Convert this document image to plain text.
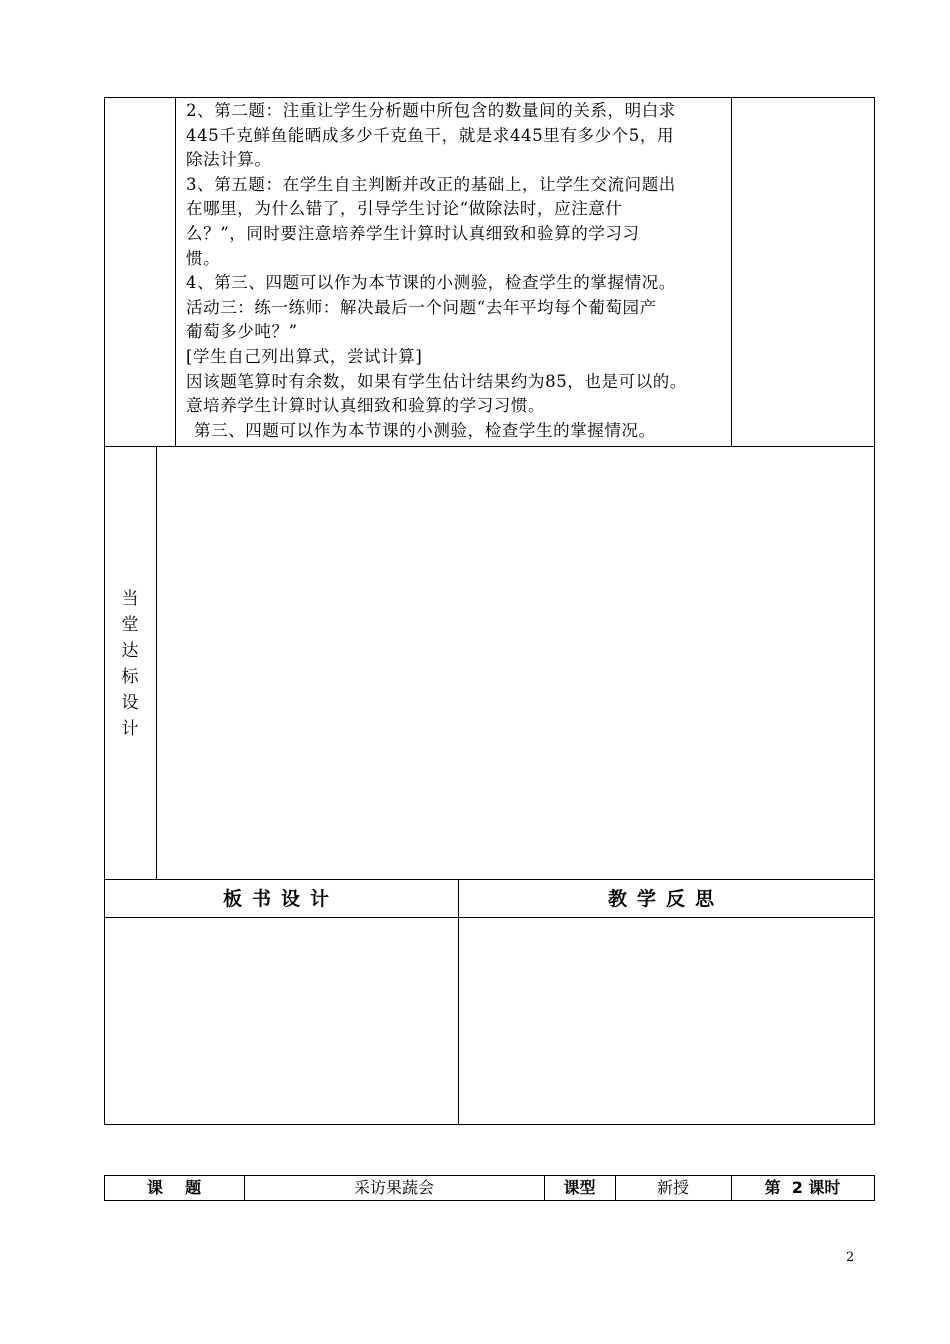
2、第二题：注重让学生分析题中所包含的数量间的关系，明白求
445千克鲜鱼能晒成多少千克鱼干，就是求445里有多少个5，用
除法计算。
3、第五题：在学生自主判断并改正的基础上，让学生交流问题出
在哪里，为什么错了，引导学生讨论“做除法时，应注意什
么？”，同时要注意培养学生计算时认真细致和验算的学习习
惯。
4、第三、四题可以作为本节课的小测验，检查学生的掌握情况。
活动三：练一练师：解决最后一个问题“去年平均每个葡萄园产
葡萄多少吨？”
[学生自己列出算式，尝试计算]
因该题笔算时有余数，如果有学生估计结果约为85，也是可以的。
意培养学生计算时认真细致和验算的学习习惯。
第三、四题可以作为本节课的小测验，检查学生的掌握情况。
当
堂
达
标
设
计
板书设计	教学反思
课    题	采访果蔬会	课型	新授	第  2 课时
2
